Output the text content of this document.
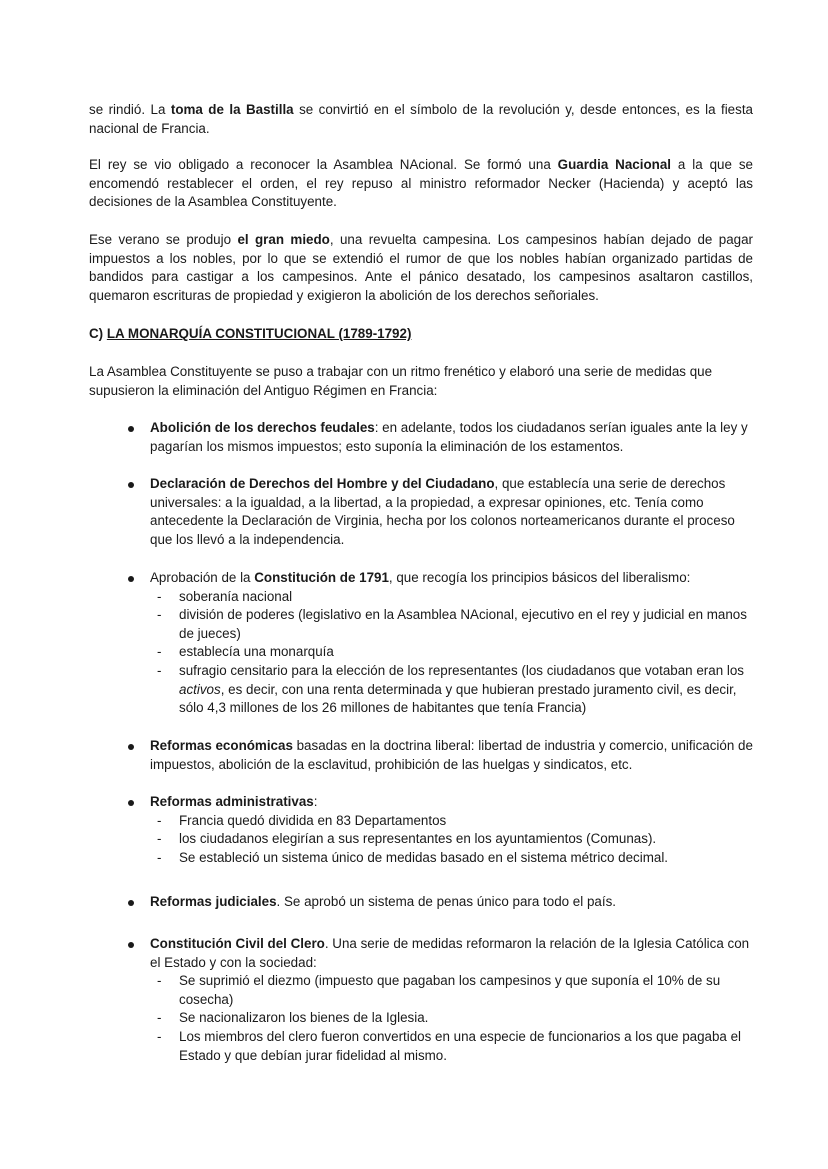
se rindió. La toma de la Bastilla se convirtió en el símbolo de la revolución y, desde entonces, es la fiesta nacional de Francia.
El rey se vio obligado a reconocer la Asamblea NAcional. Se formó una Guardia Nacional a la que se encomendó restablecer el orden, el rey repuso al ministro reformador Necker (Hacienda) y aceptó las decisiones de la Asamblea Constituyente.
Ese verano se produjo el gran miedo, una revuelta campesina. Los campesinos habían dejado de pagar impuestos a los nobles, por lo que se extendió el rumor de que los nobles habían organizado partidas de bandidos para castigar a los campesinos. Ante el pánico desatado, los campesinos asaltaron castillos, quemaron escrituras de propiedad y exigieron la abolición de los derechos señoriales.
C) LA MONARQUÍA CONSTITUCIONAL (1789-1792)
La Asamblea Constituyente se puso a trabajar con un ritmo frenético y elaboró una serie de medidas que supusieron la eliminación del Antiguo Régimen en Francia:
Abolición de los derechos feudales: en adelante, todos los ciudadanos serían iguales ante la ley y pagarían los mismos impuestos; esto suponía la eliminación de los estamentos.
Declaración de Derechos del Hombre y del Ciudadano, que establecía una serie de derechos universales: a la igualdad, a la libertad, a la propiedad, a expresar opiniones, etc. Tenía como antecedente la Declaración de Virginia, hecha por los colonos norteamericanos durante el proceso que los llevó a la independencia.
Aprobación de la Constitución de 1791, que recogía los principios básicos del liberalismo:
- soberanía nacional
- división de poderes (legislativo en la Asamblea NAcional, ejecutivo en el rey y judicial en manos de jueces)
- establecía una monarquía
- sufragio censitario para la elección de los representantes (los ciudadanos que votaban eran los activos, es decir, con una renta determinada y que hubieran prestado juramento civil, es decir, sólo 4,3 millones de los 26 millones de habitantes que tenía Francia)
Reformas económicas basadas en la doctrina liberal: libertad de industria y comercio, unificación de impuestos, abolición de la esclavitud, prohibición de las huelgas y sindicatos, etc.
Reformas administrativas:
- Francia quedó dividida en 83 Departamentos
- los ciudadanos elegirían a sus representantes en los ayuntamientos (Comunas).
- Se estableció un sistema único de medidas basado en el sistema métrico decimal.
Reformas judiciales. Se aprobó un sistema de penas único para todo el país.
Constitución Civil del Clero. Una serie de medidas reformaron la relación de la Iglesia Católica con el Estado y con la sociedad:
- Se suprimió el diezmo (impuesto que pagaban los campesinos y que suponía el 10% de su cosecha)
- Se nacionalizaron los bienes de la Iglesia.
- Los miembros del clero fueron convertidos en una especie de funcionarios a los que pagaba el Estado y que debían jurar fidelidad al mismo.
